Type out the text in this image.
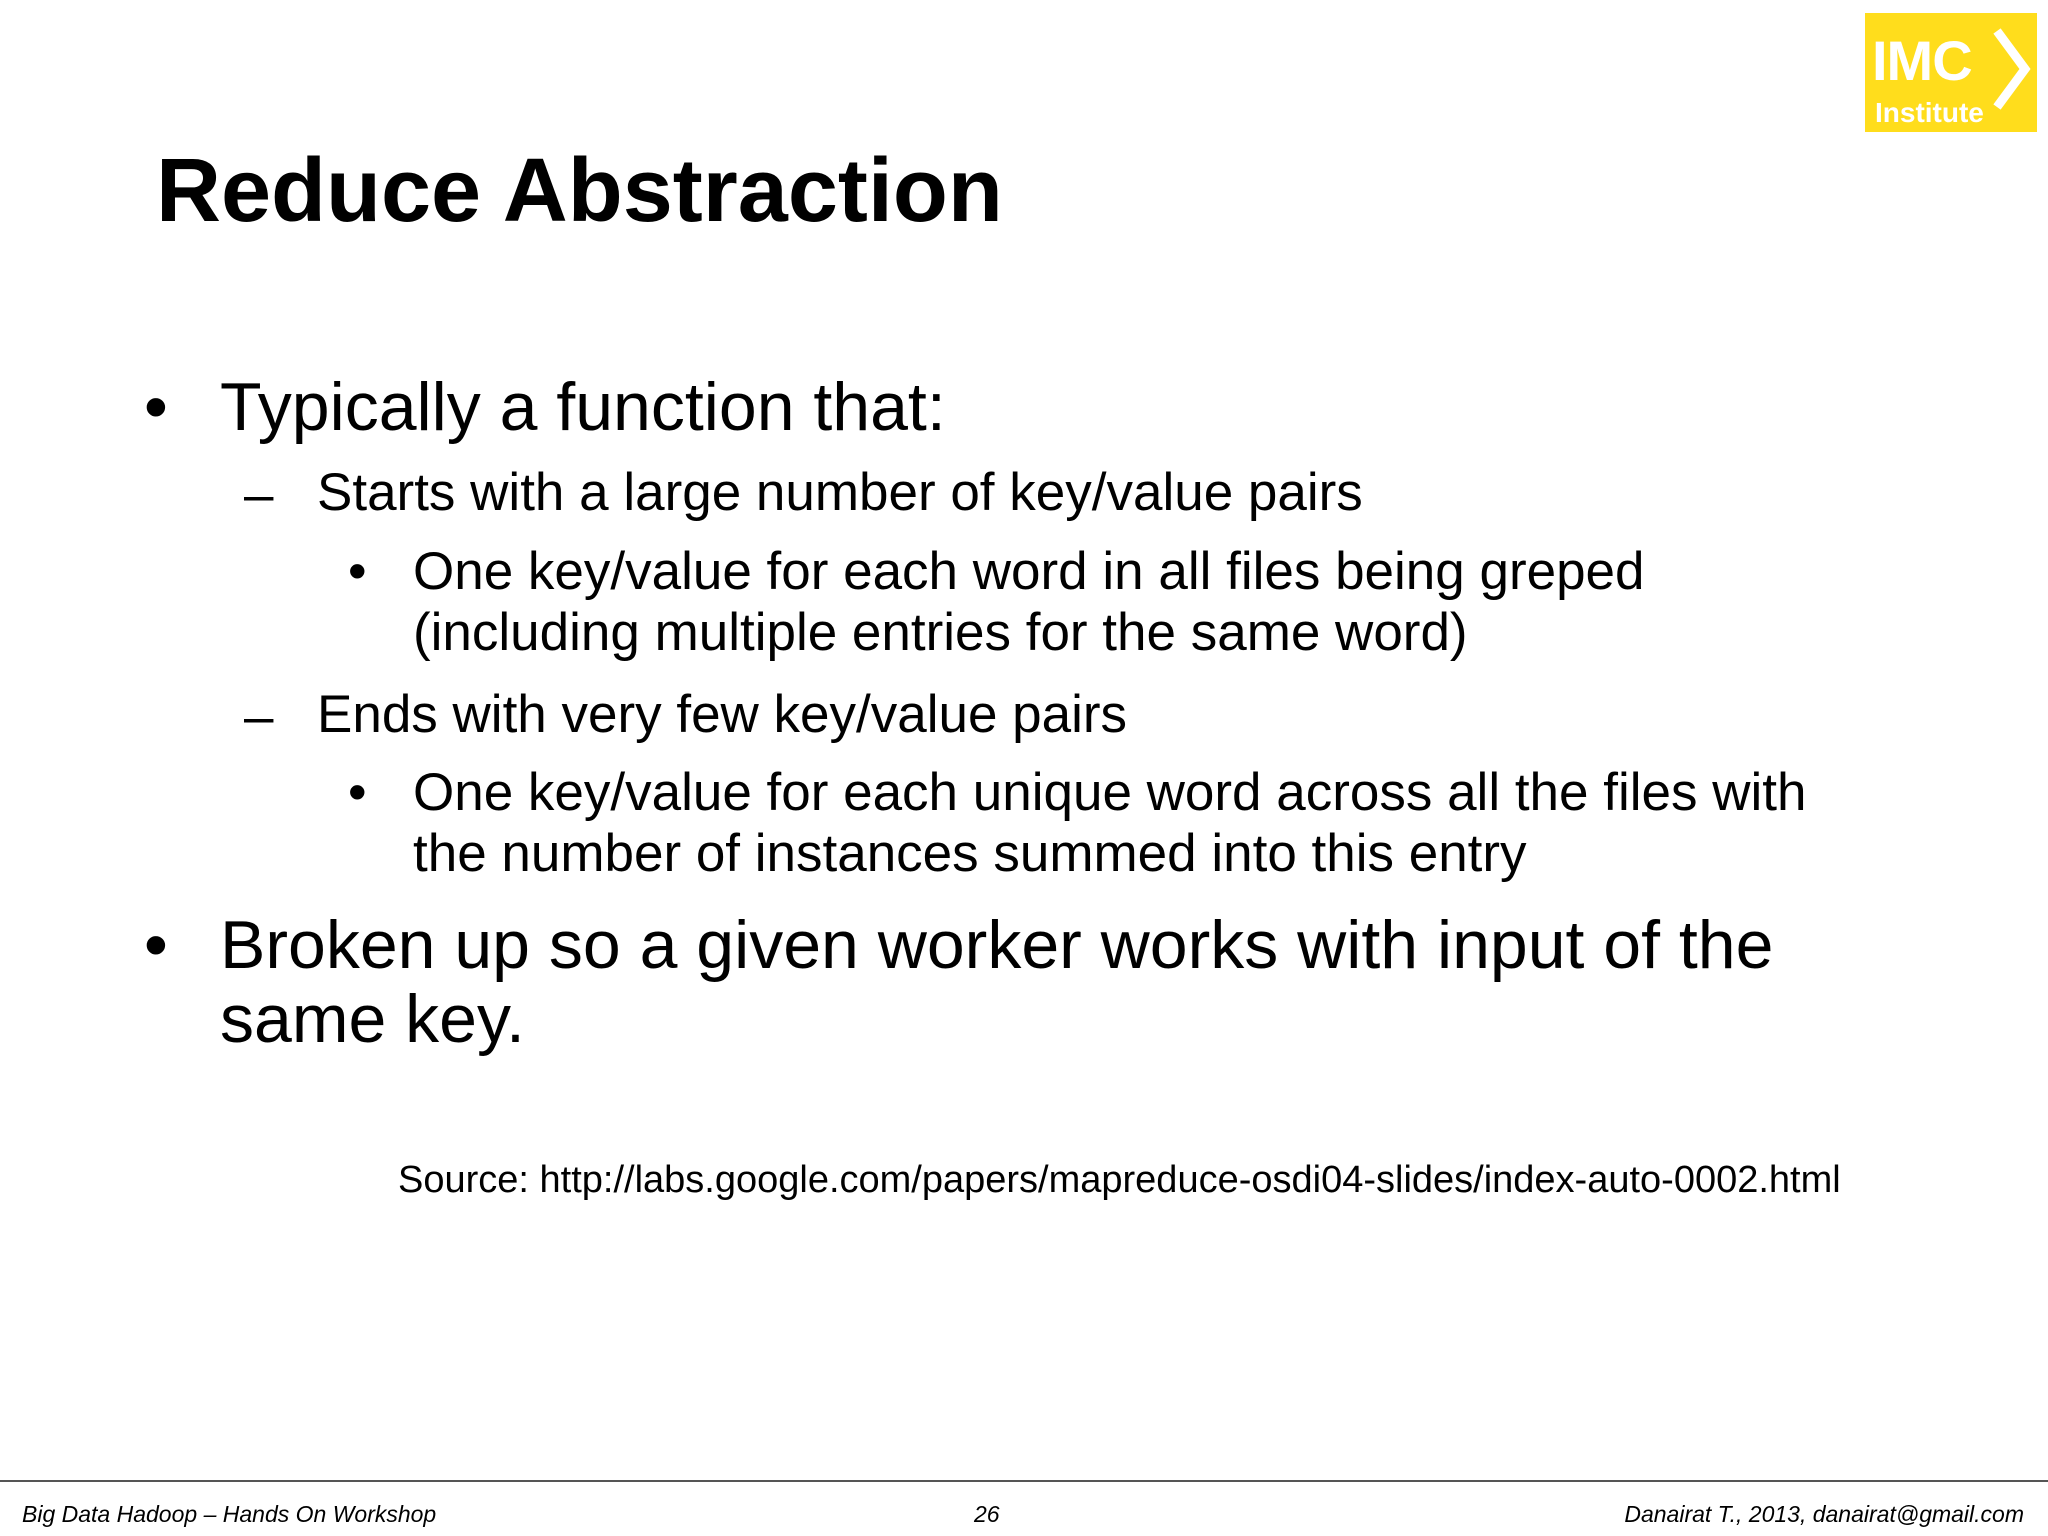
IMC
Institute
Reduce Abstraction
• Typically a function that:
– Starts with a large number of key/value pairs
• One key/value for each word in all files being greped
(including multiple entries for the same word)
– Ends with very few key/value pairs
• One key/value for each unique word across all the files with
the number of instances summed into this entry
• Broken up so a given worker works with input of the
same key.
Source: http://labs.google.com/papers/mapreduce-osdi04-slides/index-auto-0002.html
Big Data Hadoop – Hands On Workshop	26	Danairat T., 2013, danairat@gmail.com
